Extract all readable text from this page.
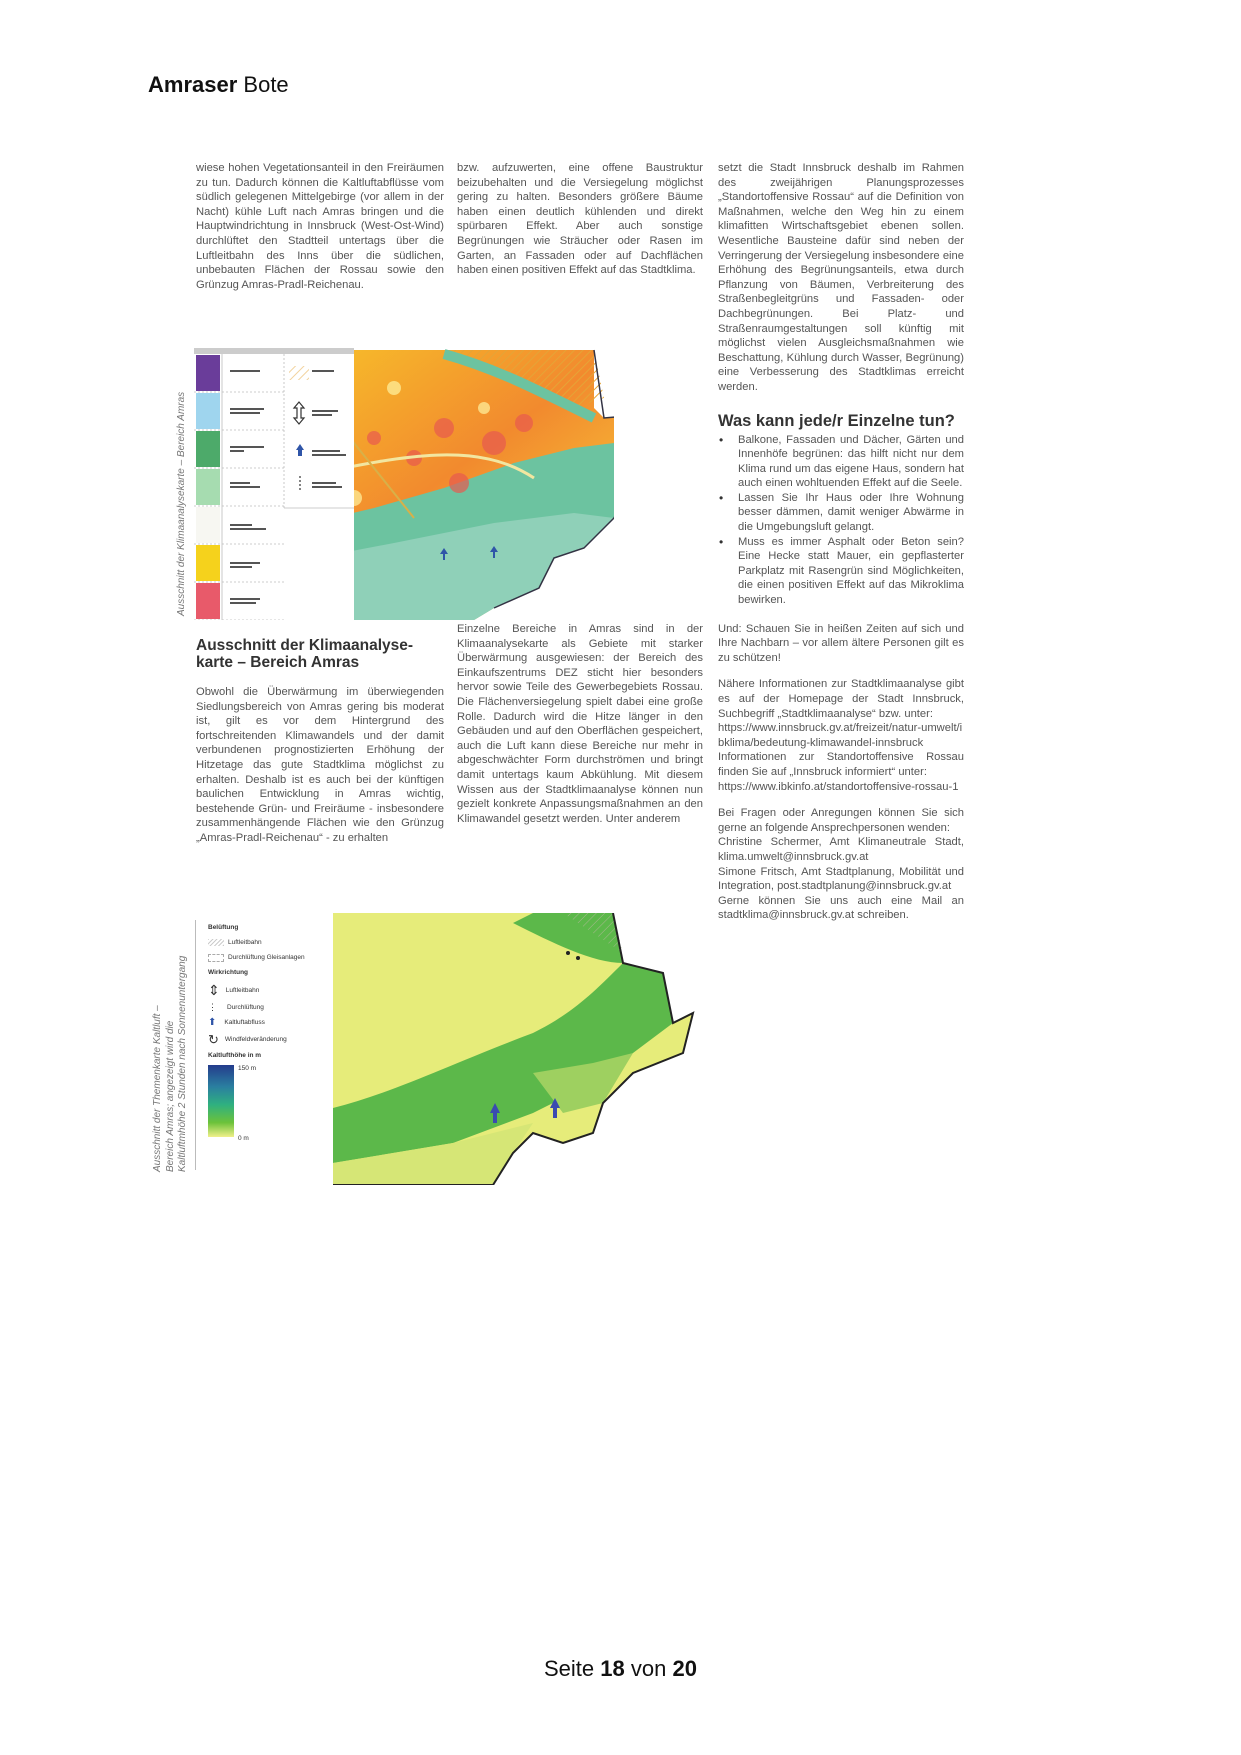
Amraser Bote

wiese hohen Vegetationsanteil in den Freiräumen zu tun. Dadurch können die Kaltluftabflüsse vom südlich gelegenen Mittelgebirge (vor allem in der Nacht) kühle Luft nach Amras bringen und die Hauptwindrichtung in Innsbruck (West-Ost-Wind) durchlüftet den Stadtteil untertags über die Luftleitbahn des Inns über die südlichen, unbebauten Flächen der Rossau sowie den Grünzug Amras-Pradl-Reichenau.

bzw. aufzuwerten, eine offene Baustruktur beizubehalten und die Versiegelung möglichst gering zu halten. Besonders größere Bäume haben einen deutlich kühlenden und direkt spürbaren Effekt. Aber auch sonstige Begrünungen wie Sträucher oder Rasen im Garten, an Fassaden oder auf Dachflächen haben einen positiven Effekt auf das Stadtklima.

setzt die Stadt Innsbruck deshalb im Rahmen des zweijährigen Planungsprozesses „Standortoffensive Rossau“ auf die Definition von Maßnahmen, welche den Weg hin zu einem klimafitten Wirtschaftsgebiet ebenen sollen. Wesentliche Bausteine dafür sind neben der Verringerung der Versiegelung insbesondere eine Erhöhung des Begrünungsanteils, etwa durch Pflanzung von Bäumen, Verbreiterung des Straßenbegleitgrüns und Fassaden- oder Dachbegrünungen. Bei Platz- und Straßenraumgestaltungen soll künftig mit möglichst vielen Ausgleichsmaßnahmen wie Beschattung, Kühlung durch Wasser, Begrünung) eine Verbesserung des Stadtklimas erreicht werden.

Was kann jede/r Einzelne tun?
• Balkone, Fassaden und Dächer, Gärten und Innenhöfe begrünen: das hilft nicht nur dem Klima rund um das eigene Haus, sondern hat auch einen wohltuenden Effekt auf die Seele.
• Lassen Sie Ihr Haus oder Ihre Wohnung besser dämmen, damit weniger Abwärme in die Umgebungsluft gelangt.
• Muss es immer Asphalt oder Beton sein? Eine Hecke statt Mauer, ein gepflasterter Parkplatz mit Rasengrün sind Möglichkeiten, die einen positiven Effekt auf das Mikroklima bewirken.

Und: Schauen Sie in heißen Zeiten auf sich und Ihre Nachbarn – vor allem ältere Personen gilt es zu schützen!

Nähere Informationen zur Stadtklimaanalyse gibt es auf der Homepage der Stadt Innsbruck, Suchbegriff „Stadtklimaanalyse“ bzw. unter:
https://www.innsbruck.gv.at/freizeit/natur-umwelt/ibklima/bedeutung-klimawandel-innsbruck
Informationen zur Standortoffensive Rossau finden Sie auf „Innsbruck informiert“ unter:
https://www.ibkinfo.at/standortoffensive-rossau-1
Bei Fragen oder Anregungen können Sie sich gerne an folgende Ansprechpersonen wenden:
Christine Schermer, Amt Klimaneutrale Stadt, klima.umwelt@innsbruck.gv.at
Simone Fritsch, Amt Stadtplanung, Mobilität und Integration, post.stadtplanung@innsbruck.gv.at
Gerne können Sie uns auch eine Mail an stadtklima@innsbruck.gv.at schreiben.
Ausschnitt der Klimaanalysekarte – Bereich Amras
Ausschnitt der Klimaanalysekarte – Bereich Amras

Obwohl die Überwärmung im überwiegenden Siedlungsbereich von Amras gering bis moderat ist, gilt es vor dem Hintergrund des fortschreitenden Klimawandels und der damit verbundenen prognostizierten Erhöhung der Hitzetage das gute Stadtklima möglichst zu erhalten. Deshalb ist es auch bei der künftigen baulichen Entwicklung in Amras wichtig, bestehende Grün- und Freiräume - insbesondere zusammenhängende Flächen wie den Grünzug „Amras-Pradl-Reichenau“ - zu erhalten

Einzelne Bereiche in Amras sind in der Klimaanalysekarte als Gebiete mit starker Überwärmung ausgewiesen: der Bereich des Einkaufszentrums DEZ sticht hier besonders hervor sowie Teile des Gewerbegebiets Rossau. Die Flächenversiegelung spielt dabei eine große Rolle. Dadurch wird die Hitze länger in den Gebäuden und auf den Oberflächen gespeichert, auch die Luft kann diese Bereiche nur mehr in abgeschwächter Form durchströmen und bringt damit untertags kaum Abkühlung. Mit diesem Wissen aus der Stadtklimaanalyse können nun gezielt konkrete Anpassungsmaßnahmen an den Klimawandel gesetzt werden. Unter anderem

Ausschnitt der Themenkarte Kaltluft – Bereich Amras; angezeigt wird die Kaltluftmhöhe 2 Stunden nach Sonnenuntergang
Belüftung
Luftleitbahn
Durchlüftung Gleisanlagen
Wirkrichtung
⇕ Luftleitbahn
⋮ Durchlüftung
⬆ Kaltluftabfluss
↻ Windfeldveränderung
Kaltlufthöhe in m
150 m
0 m
Seite 18 von 20
